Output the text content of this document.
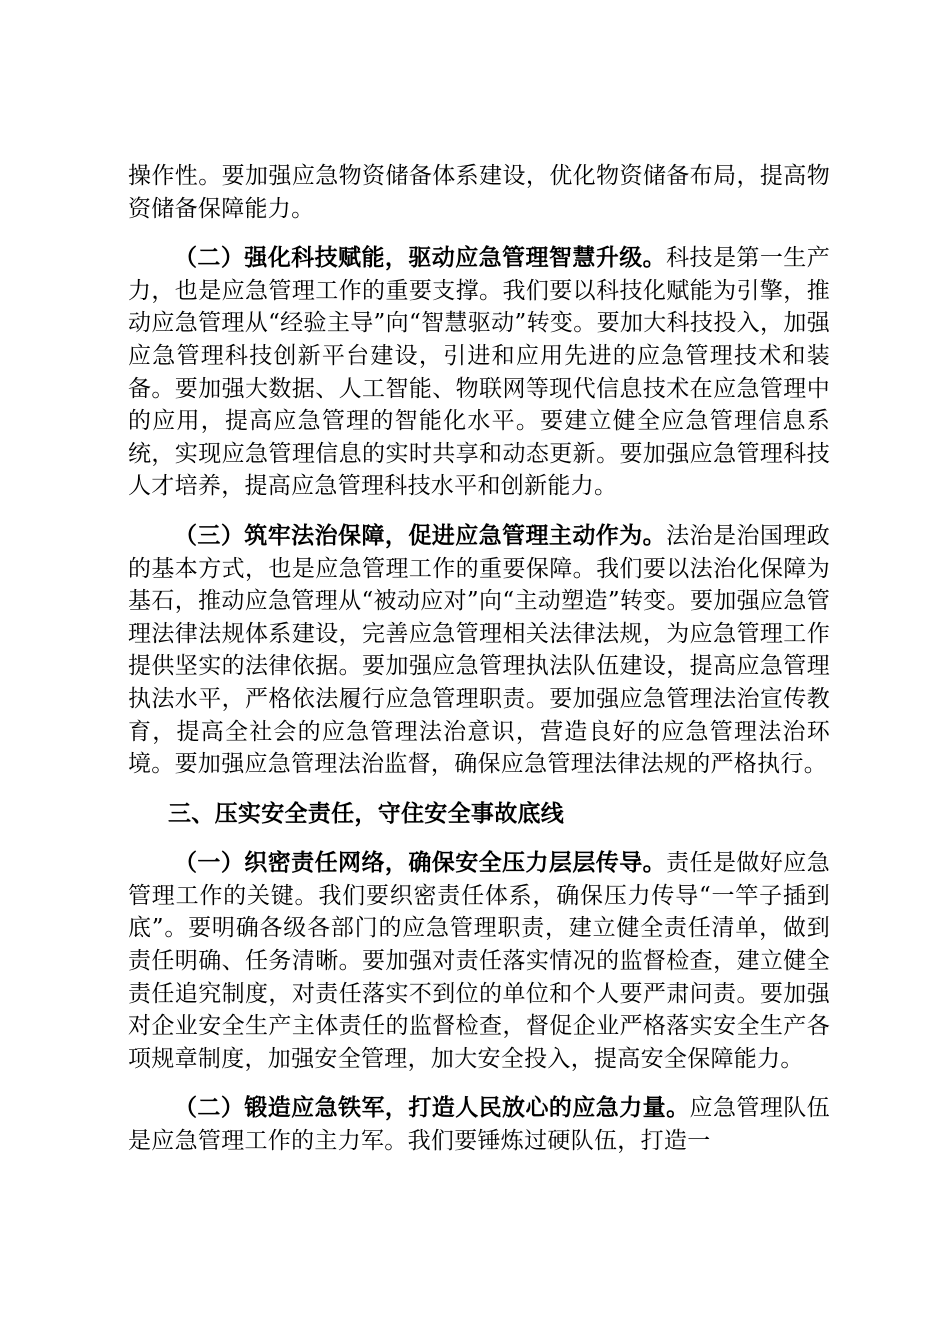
操作性。要加强应急物资储备体系建设，优化物资储备布局，提高物资储备保障能力。

（二）强化科技赋能，驱动应急管理智慧升级。科技是第一生产力，也是应急管理工作的重要支撑。我们要以科技化赋能为引擎，推动应急管理从“经验主导”向“智慧驱动”转变。要加大科技投入，加强应急管理科技创新平台建设，引进和应用先进的应急管理技术和装备。要加强大数据、人工智能、物联网等现代信息技术在应急管理中的应用，提高应急管理的智能化水平。要建立健全应急管理信息系统，实现应急管理信息的实时共享和动态更新。要加强应急管理科技人才培养，提高应急管理科技水平和创新能力。

（三）筑牢法治保障，促进应急管理主动作为。法治是治国理政的基本方式，也是应急管理工作的重要保障。我们要以法治化保障为基石，推动应急管理从“被动应对”向“主动塑造”转变。要加强应急管理法律法规体系建设，完善应急管理相关法律法规，为应急管理工作提供坚实的法律依据。要加强应急管理执法队伍建设，提高应急管理执法水平，严格依法履行应急管理职责。要加强应急管理法治宣传教育，提高全社会的应急管理法治意识，营造良好的应急管理法治环境。要加强应急管理法治监督，确保应急管理法律法规的严格执行。

三、压实安全责任，守住安全事故底线

（一）织密责任网络，确保安全压力层层传导。责任是做好应急管理工作的关键。我们要织密责任体系，确保压力传导“一竿子插到底”。要明确各级各部门的应急管理职责，建立健全责任清单，做到责任明确、任务清晰。要加强对责任落实情况的监督检查，建立健全责任追究制度，对责任落实不到位的单位和个人要严肃问责。要加强对企业安全生产主体责任的监督检查，督促企业严格落实安全生产各项规章制度，加强安全管理，加大安全投入，提高安全保障能力。

（二）锻造应急铁军，打造人民放心的应急力量。应急管理队伍是应急管理工作的主力军。我们要锤炼过硬队伍，打造一
